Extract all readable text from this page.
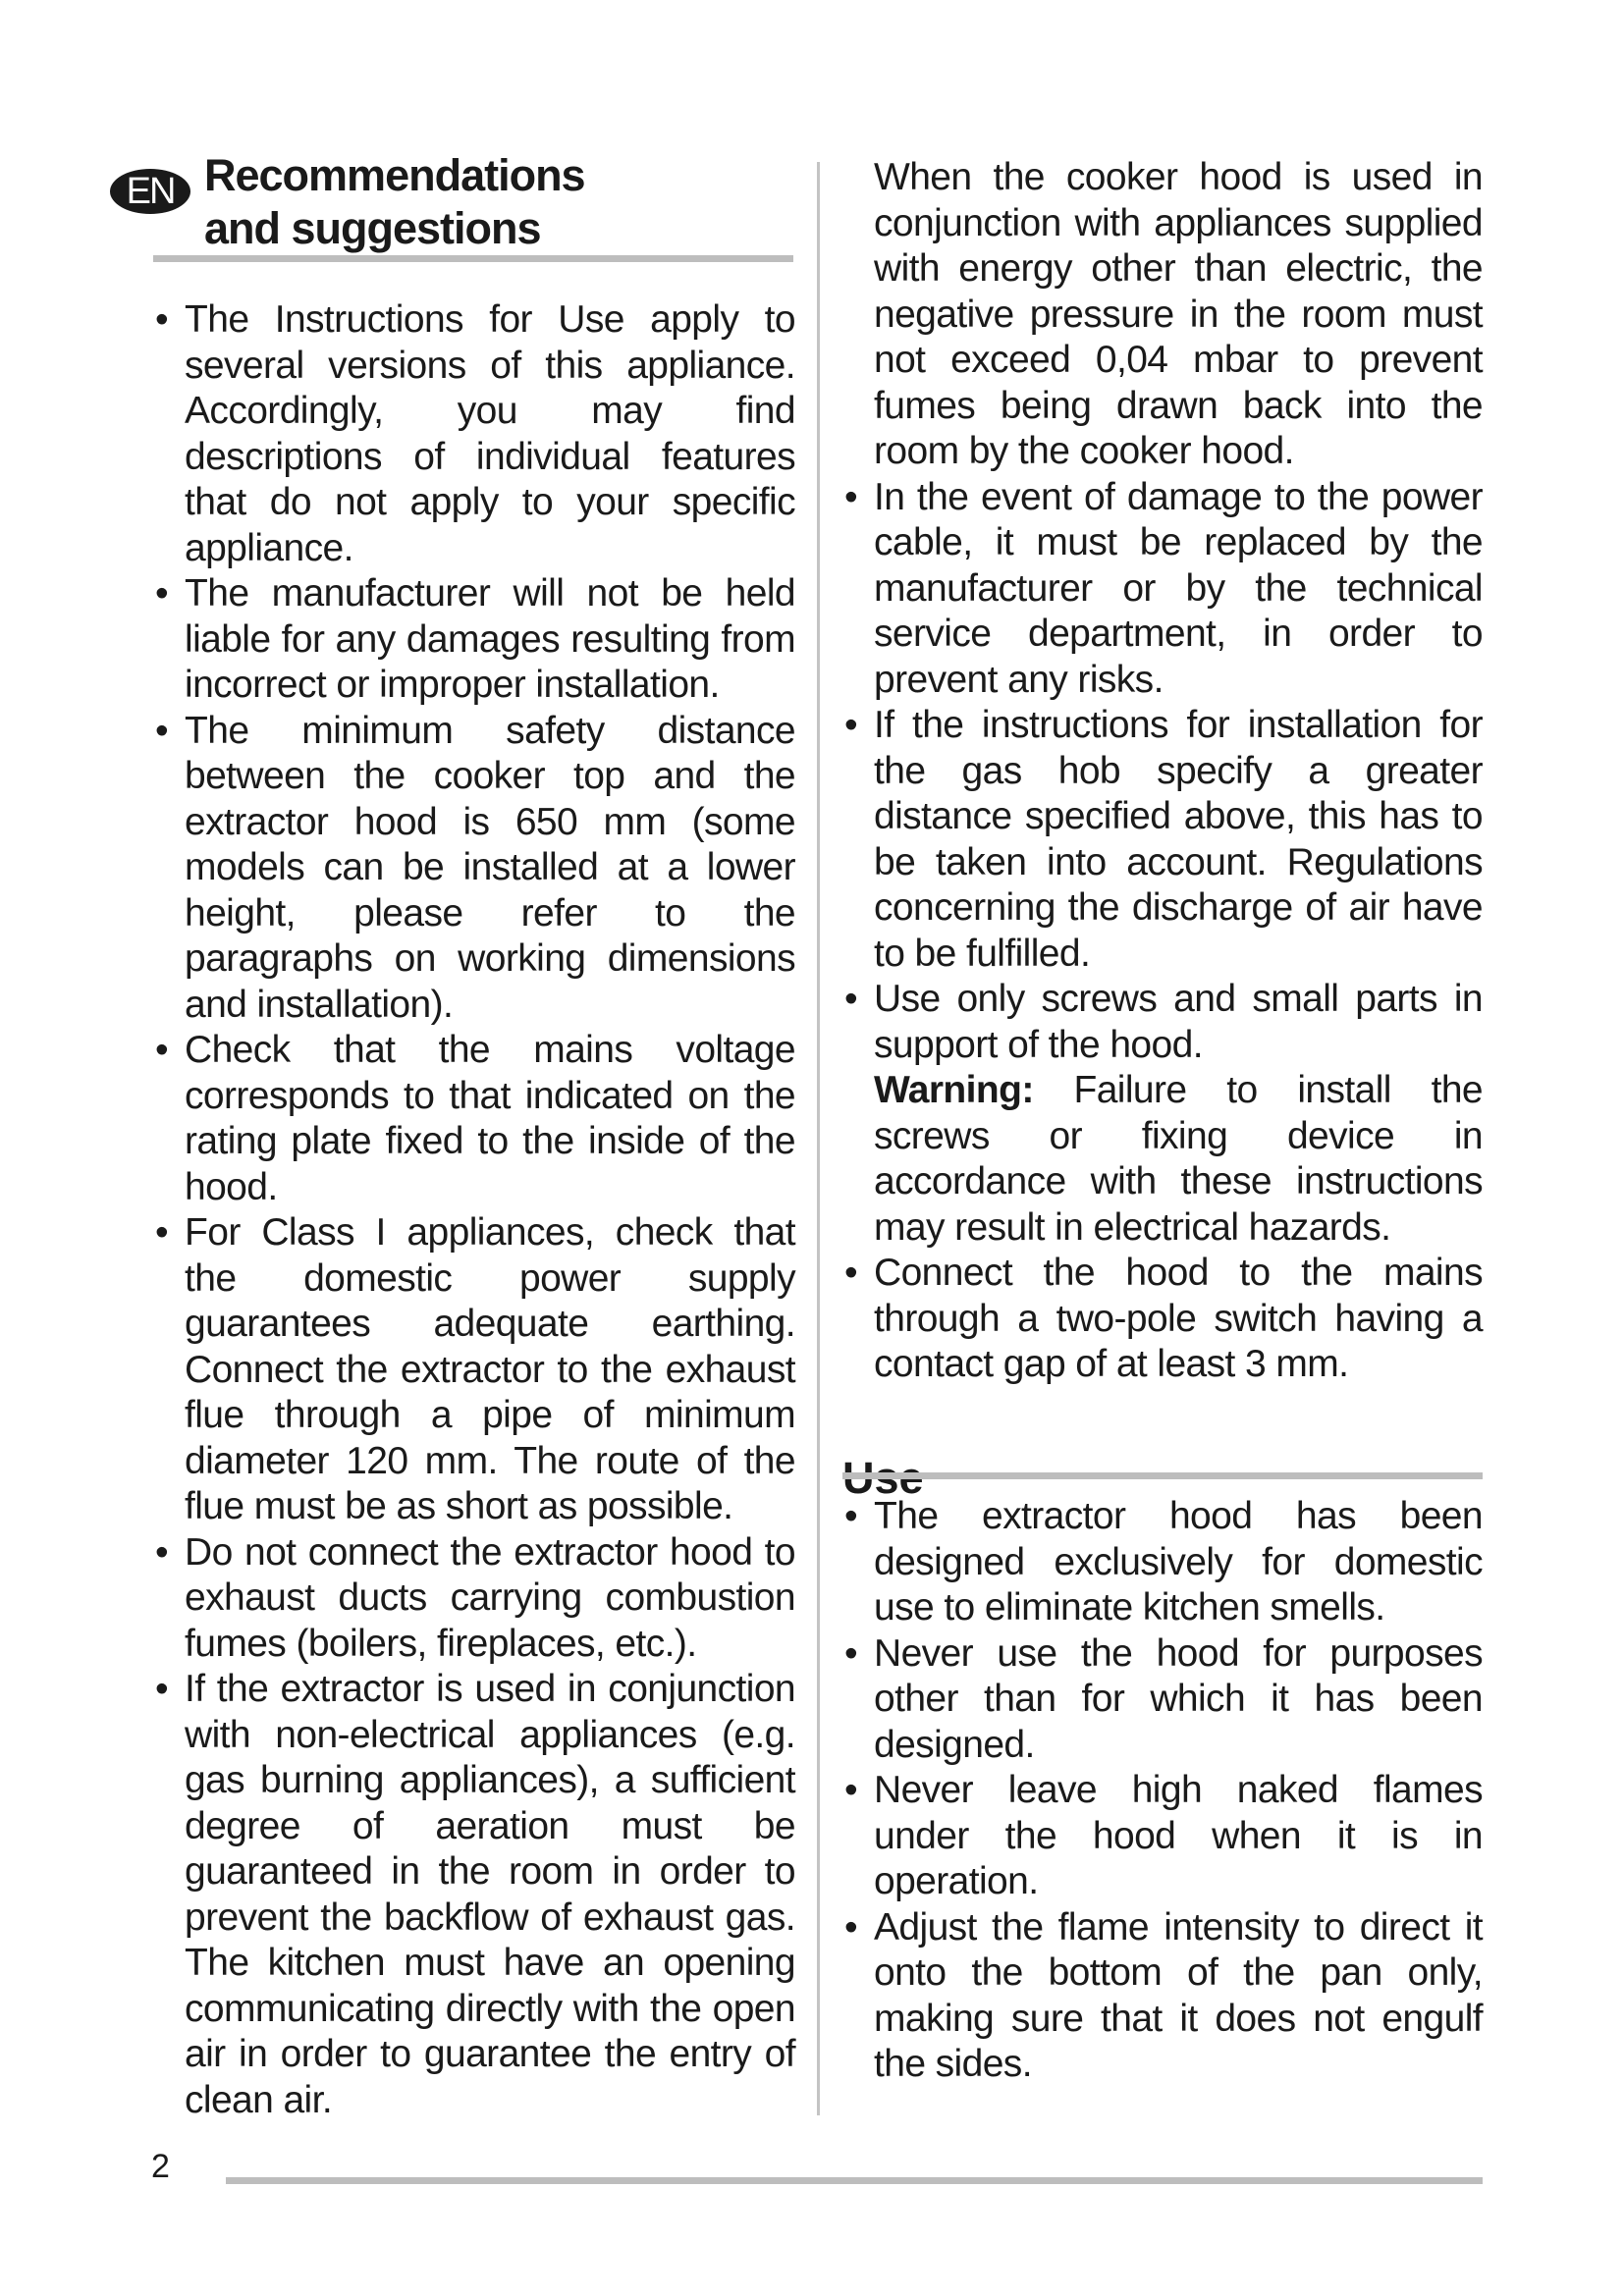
EN Recommendations
and suggestions
• The Instructions for Use apply to several versions of this appliance. Accordingly, you may find descriptions of individual features that do not apply to your specific appliance.
• The manufacturer will not be held liable for any damages resulting from incorrect or improper installation.
• The minimum safety distance between the cooker top and the extractor hood is 650 mm (some models can be installed at a lower height, please refer to the paragraphs on working dimensions and installation).
• Check that the mains voltage corresponds to that indicated on the rating plate fixed to the inside of the hood.
• For Class I appliances, check that the domestic power supply guarantees adequate earthing. Connect the extractor to the exhaust flue through a pipe of minimum diameter 120 mm. The route of the flue must be as short as possible.
• Do not connect the extractor hood to exhaust ducts carrying combustion fumes (boilers, fireplaces, etc.).
• If the extractor is used in conjunction with non-electrical appliances (e.g. gas burning appliances), a sufficient degree of aeration must be guaranteed in the room in order to prevent the backflow of exhaust gas. The kitchen must have an opening communicating directly with the open air in order to guarantee the entry of clean air.

When the cooker hood is used in conjunction with appliances supplied with energy other than electric, the negative pressure in the room must not exceed 0,04 mbar to prevent fumes being drawn back into the room by the cooker hood.

• In the event of damage to the power cable, it must be replaced by the manufacturer or by the technical service department, in order to prevent any risks.
• If the instructions for installation for the gas hob specify a greater distance specified above, this has to be taken into account. Regulations concerning the discharge of air have to be fulfilled.
• Use only screws and small parts in support of the hood.

Warning: Failure to install the screws or fixing device in accordance with these instructions may result in electrical hazards.

• Connect the hood to the mains through a two-pole switch having a contact gap of at least 3 mm.
• The extractor hood has been designed exclusively for domestic use to eliminate kitchen smells.
• Never use the hood for purposes other than for which it has been designed.
• Never leave high naked flames under the hood when it is in operation.
• Adjust the flame intensity to direct it onto the bottom of the pan only, making sure that it does not engulf the sides.
2
